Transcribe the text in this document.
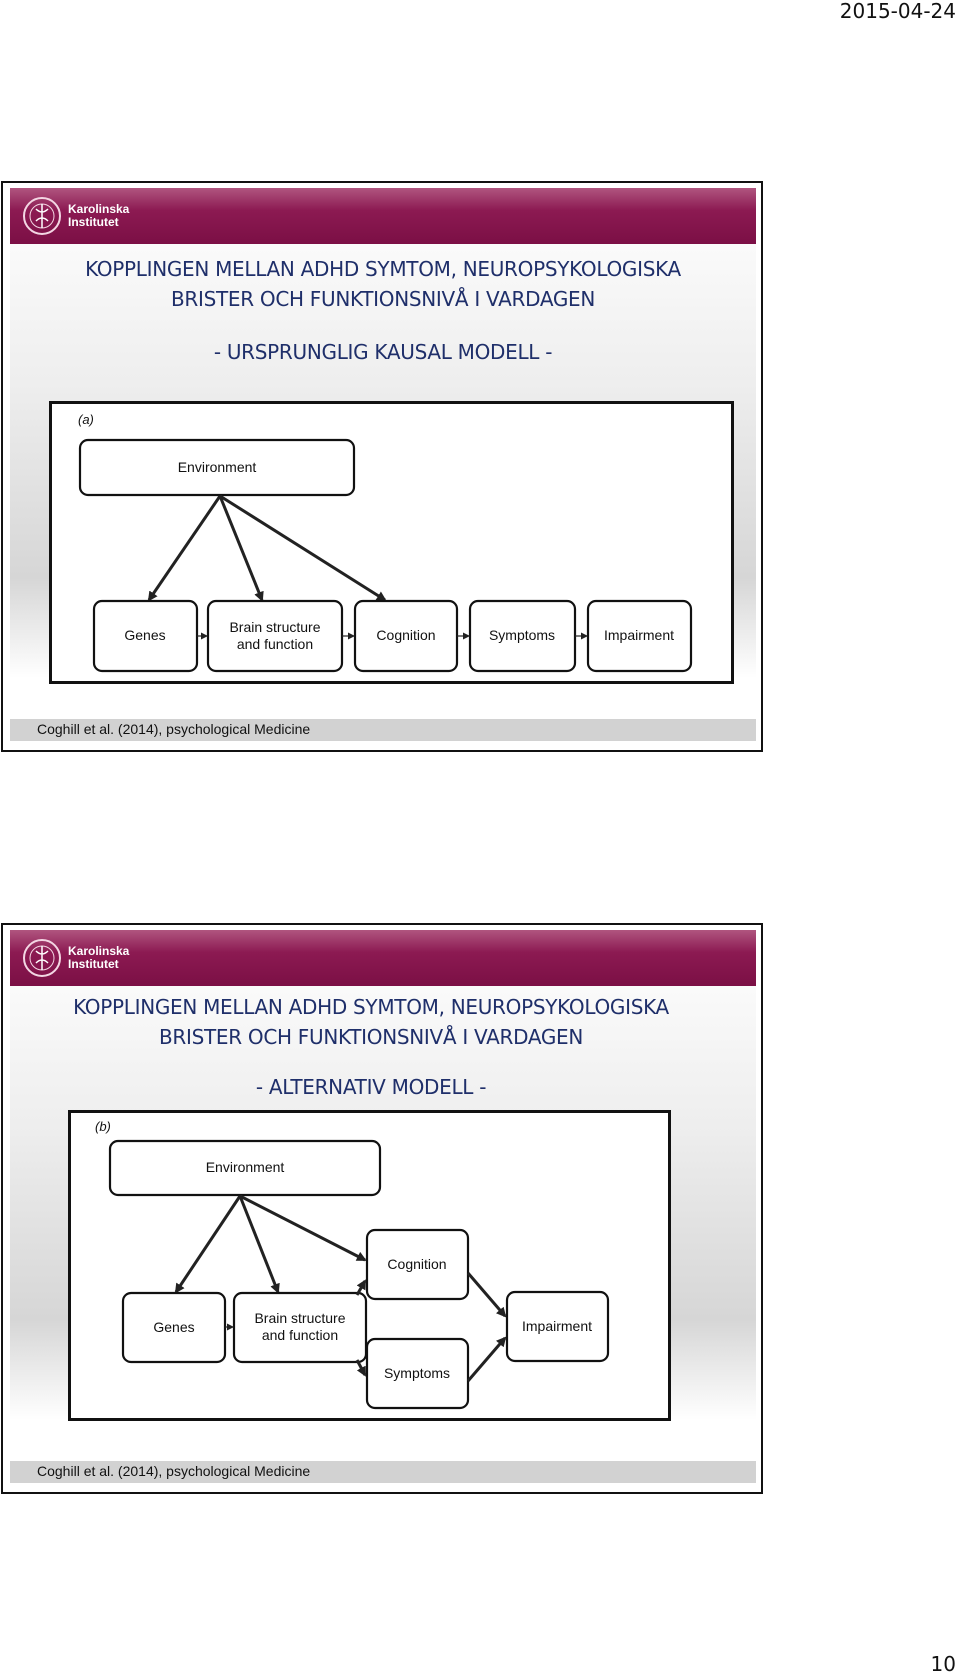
2015-04-24
Karolinska
Institutet
KOPPLINGEN MELLAN ADHD SYMTOM, NEUROPSYKOLOGISKA
BRISTER OCH FUNKTIONSNIVÅ I VARDAGEN
- URSPRUNGLIG KAUSAL MODELL -
(a)
Environment
Genes	Brain structure
and function
Cognition	Symptoms	Impairment
Coghill et al. (2014), psychological Medicine
Karolinska
Institutet
KOPPLINGEN MELLAN ADHD SYMTOM, NEUROPSYKOLOGISKA
BRISTER OCH FUNKTIONSNIVÅ I VARDAGEN
- ALTERNATIV MODELL -
(b)
Environment
Genes
Brain structure
and function
Cognition
Symptoms
Impairment
Coghill et al. (2014), psychological Medicine
10
